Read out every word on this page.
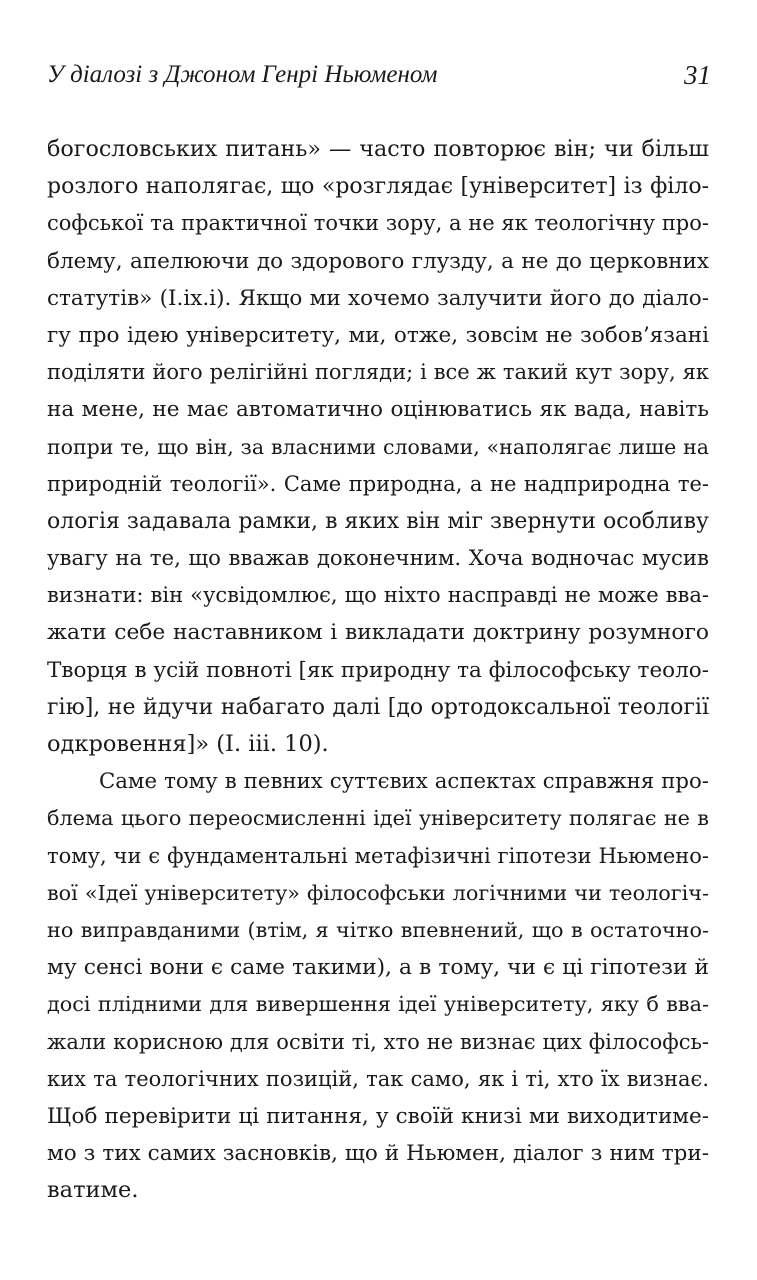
У діалозі з Джоном Генрі Ньюменом	31
богословських питань» — часто повторює він; чи більш
розлого наполягає, що «розглядає [університет] із філо-
софської та практичної точки зору, а не як теологічну про-
блему, апелюючи до здорового глузду, а не до церковних
статутів» (I.ix.i). Якщо ми хочемо залучити його до діало-
гу про ідею університету, ми, отже, зовсім не зобов’язані
поділяти його релігійні погляди; і все ж такий кут зору, як
на мене, не має автоматично оцінюватись як вада, навіть
попри те, що він, за власними словами, «наполягає лише на
природній теології». Саме природна, а не надприродна те-
ологія задавала рамки, в яких він міг звернути особливу
увагу на те, що вважав доконечним. Хоча водночас мусив
визнати: він «усвідомлює, що ніхто насправді не може вва-
жати себе наставником і викладати доктрину розумного
Творця в усій повноті [як природну та філософську теоло-
гію], не йдучи набагато далі [до ортодоксальної теології
одкровення]» (I. iii. 10).
Саме тому в певних суттєвих аспектах справжня про-
блема цього переосмисленні ідеї університету полягає не в
тому, чи є фундаментальні метафізичні гіпотези Ньюменo-
вої «Ідеї університету» філософськи логічними чи теологіч-
но виправданими (втім, я чітко впевнений, що в остаточно-
му сенсі вони є саме такими), а в тому, чи є ці гіпотези й
досі плідними для вивершення ідеї університету, яку б вва-
жали корисною для освіти ті, хто не визнає цих філософсь-
ких та теологічних позицій, так само, як і ті, хто їх визнає.
Щоб перевірити ці питання, у своїй книзі ми виходитиме-
мо з тих самих засновків, що й Ньюмен, діалог з ним три-
ватиме.
